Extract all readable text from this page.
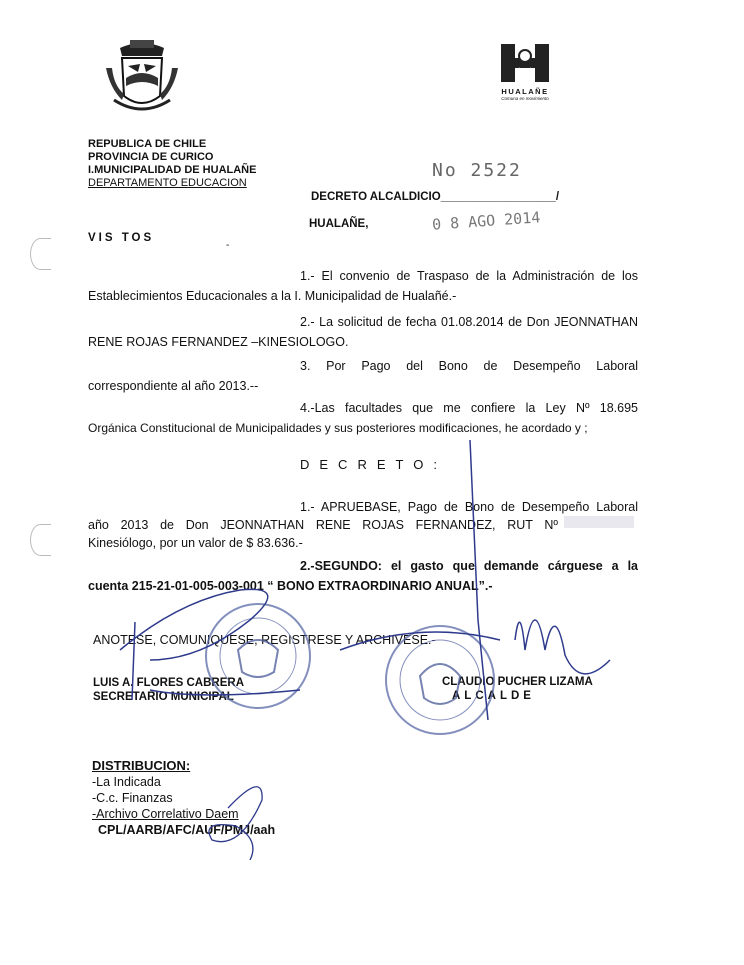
HUALAÑE
Comuna en movimiento
REPUBLICA DE CHILE
PROVINCIA DE CURICO
I.MUNICIPALIDAD DE HUALAÑE
DEPARTAMENTO EDUCACION
No 2522
DECRETO ALCALDICIO__________________/
HUALAÑE,	0 8 AGO 2014
VIS TOS
-
1.- El convenio de Traspaso de la Administración de los
Establecimientos Educacionales a la I. Municipalidad de Hualañé.-
2.- La solicitud de fecha 01.08.2014 de Don JEONNATHAN
RENE ROJAS FERNANDEZ –KINESIOLOGO.
3. Por Pago del Bono de Desempeño Laboral
correspondiente al año 2013.--
4.-Las facultades que me confiere la Ley Nº 18.695
Orgánica Constitucional de Municipalidades y sus posteriores modificaciones, he acordado y ;
DECRETO:
1.- APRUEBASE, Pago de Bono de Desempeño Laboral
año 2013 de Don JEONNATHAN RENE ROJAS FERNANDEZ, RUT Nº
Kinesiólogo, por un valor de $ 83.636.-
2.-SEGUNDO: el gasto que demande cárguese a la
cuenta 215-21-01-005-003-001 “ BONO EXTRAORDINARIO ANUAL”.-
ANOTESE, COMUNIQUESE, REGISTRESE Y ARCHIVESE.-
LUIS A. FLORES CABRERA
SECRETARIO MUNICIPAL
CLAUDIO PUCHER LIZAMA
ALCALDE
DISTRIBUCION:
-La Indicada
-C.c. Finanzas
-Archivo Correlativo Daem
CPL/AARB/AFC/AUF/PMJ/aah
